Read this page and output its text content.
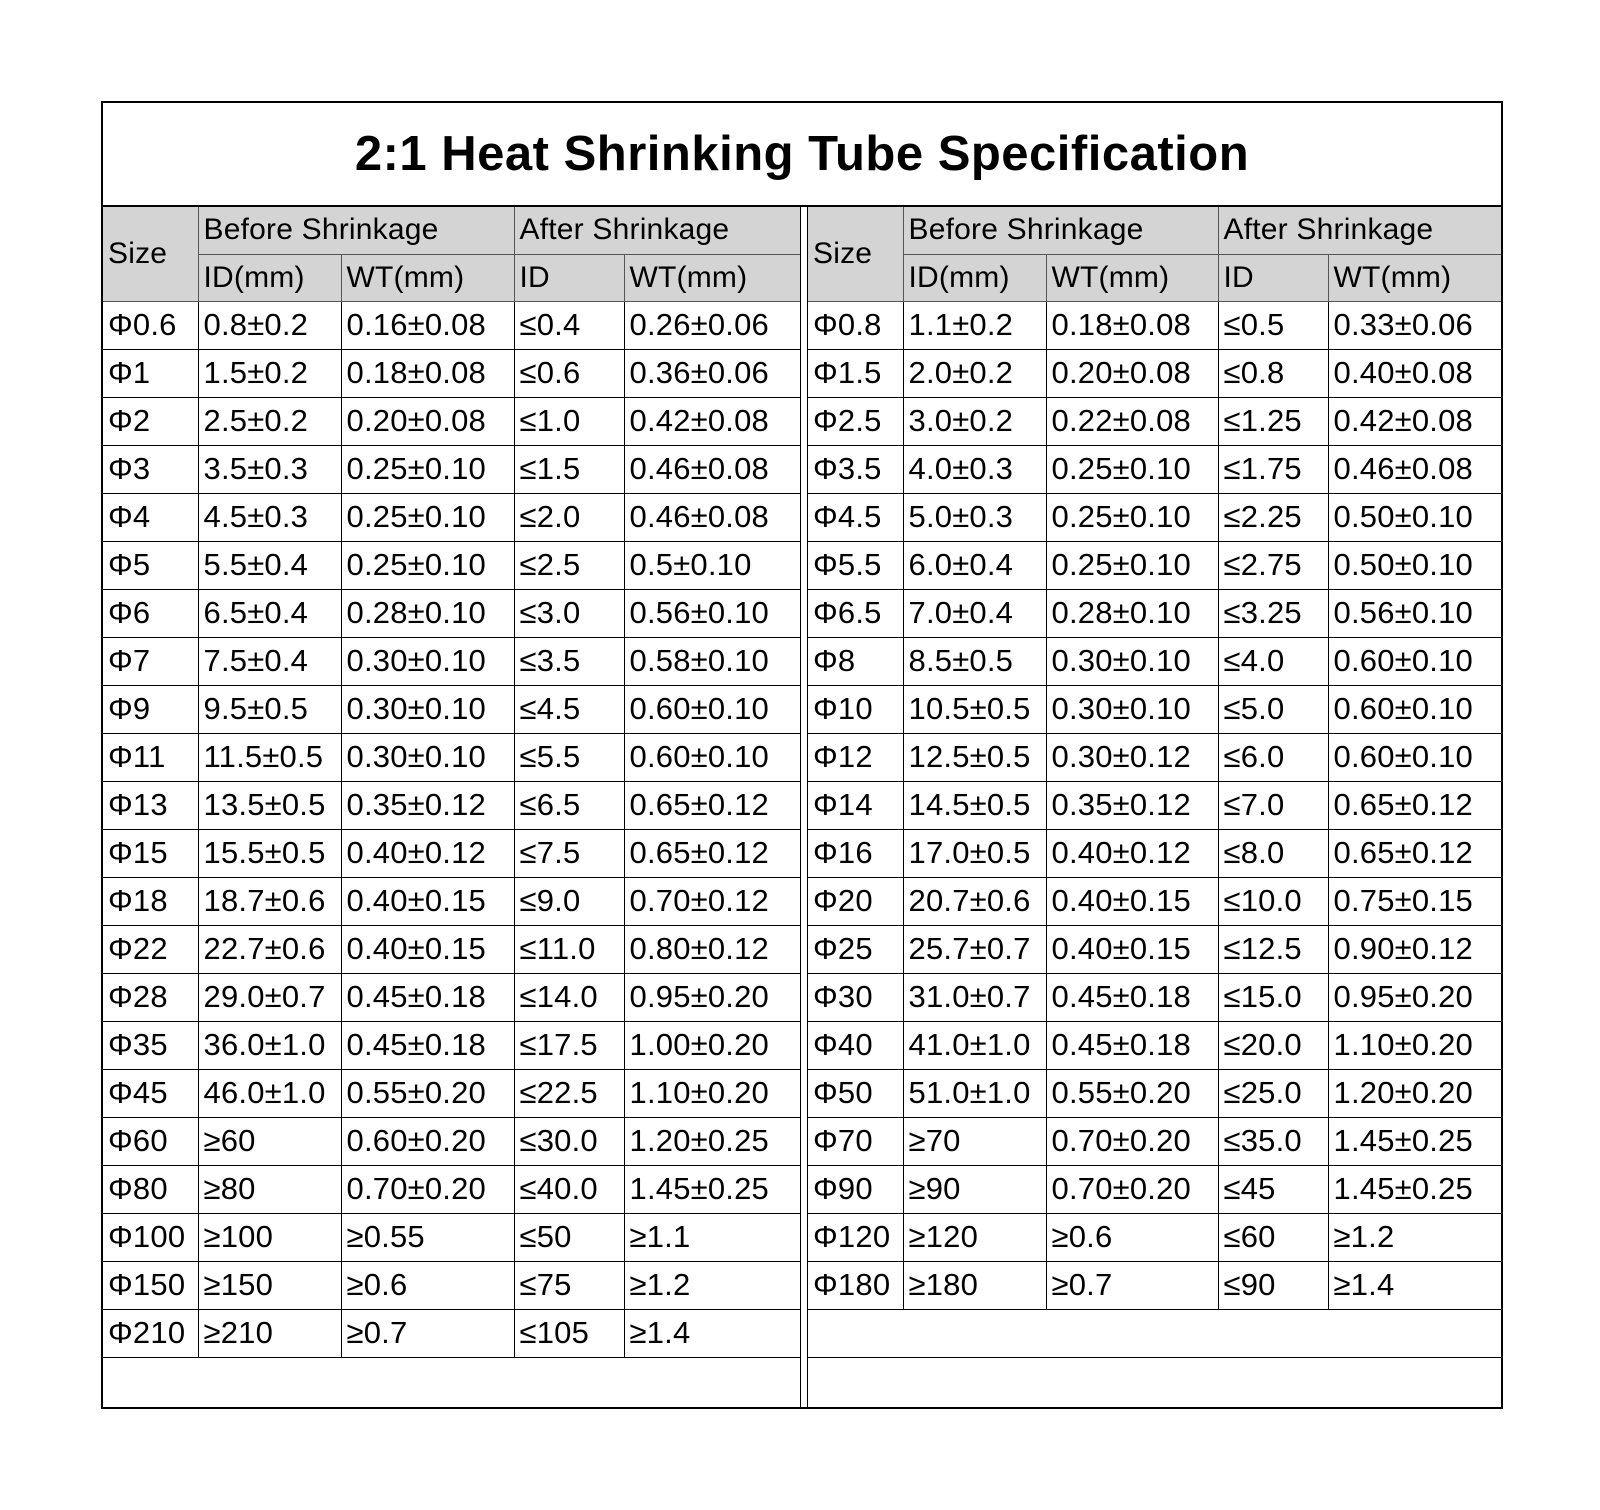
2:1 Heat Shrinking Tube Specification
Size	Before Shrinkage		After Shrinkage	
	ID(mm)	WT(mm)	ID	WT(mm)
Φ0.6	0.8±0.2	0.16±0.08	≤0.4	0.26±0.06
Φ1	1.5±0.2	0.18±0.08	≤0.6	0.36±0.06
Φ2	2.5±0.2	0.20±0.08	≤1.0	0.42±0.08
Φ3	3.5±0.3	0.25±0.10	≤1.5	0.46±0.08
Φ4	4.5±0.3	0.25±0.10	≤2.0	0.46±0.08
Φ5	5.5±0.4	0.25±0.10	≤2.5	0.5±0.10
Φ6	6.5±0.4	0.28±0.10	≤3.0	0.56±0.10
Φ7	7.5±0.4	0.30±0.10	≤3.5	0.58±0.10
Φ9	9.5±0.5	0.30±0.10	≤4.5	0.60±0.10
Φ11	11.5±0.5	0.30±0.10	≤5.5	0.60±0.10
Φ13	13.5±0.5	0.35±0.12	≤6.5	0.65±0.12
Φ15	15.5±0.5	0.40±0.12	≤7.5	0.65±0.12
Φ18	18.7±0.6	0.40±0.15	≤9.0	0.70±0.12
Φ22	22.7±0.6	0.40±0.15	≤11.0	0.80±0.12
Φ28	29.0±0.7	0.45±0.18	≤14.0	0.95±0.20
Φ35	36.0±1.0	0.45±0.18	≤17.5	1.00±0.20
Φ45	46.0±1.0	0.55±0.20	≤22.5	1.10±0.20
Φ60	≥60	0.60±0.20	≤30.0	1.20±0.25
Φ80	≥80	0.70±0.20	≤40.0	1.45±0.25
Φ100	≥100	≥0.55	≤50	≥1.1
Φ150	≥150	≥0.6	≤75	≥1.2
Φ210	≥210	≥0.7	≤105	≥1.4
Size	Before Shrinkage		After Shrinkage	
	ID(mm)	WT(mm)	ID	WT(mm)
Φ0.8	1.1±0.2	0.18±0.08	≤0.5	0.33±0.06
Φ1.5	2.0±0.2	0.20±0.08	≤0.8	0.40±0.08
Φ2.5	3.0±0.2	0.22±0.08	≤1.25	0.42±0.08
Φ3.5	4.0±0.3	0.25±0.10	≤1.75	0.46±0.08
Φ4.5	5.0±0.3	0.25±0.10	≤2.25	0.50±0.10
Φ5.5	6.0±0.4	0.25±0.10	≤2.75	0.50±0.10
Φ6.5	7.0±0.4	0.28±0.10	≤3.25	0.56±0.10
Φ8	8.5±0.5	0.30±0.10	≤4.0	0.60±0.10
Φ10	10.5±0.5	0.30±0.10	≤5.0	0.60±0.10
Φ12	12.5±0.5	0.30±0.12	≤6.0	0.60±0.10
Φ14	14.5±0.5	0.35±0.12	≤7.0	0.65±0.12
Φ16	17.0±0.5	0.40±0.12	≤8.0	0.65±0.12
Φ20	20.7±0.6	0.40±0.15	≤10.0	0.75±0.15
Φ25	25.7±0.7	0.40±0.15	≤12.5	0.90±0.12
Φ30	31.0±0.7	0.45±0.18	≤15.0	0.95±0.20
Φ40	41.0±1.0	0.45±0.18	≤20.0	1.10±0.20
Φ50	51.0±1.0	0.55±0.20	≤25.0	1.20±0.20
Φ70	≥70	0.70±0.20	≤35.0	1.45±0.25
Φ90	≥90	0.70±0.20	≤45	1.45±0.25
Φ120	≥120	≥0.6	≤60	≥1.2
Φ180	≥180	≥0.7	≤90	≥1.4
